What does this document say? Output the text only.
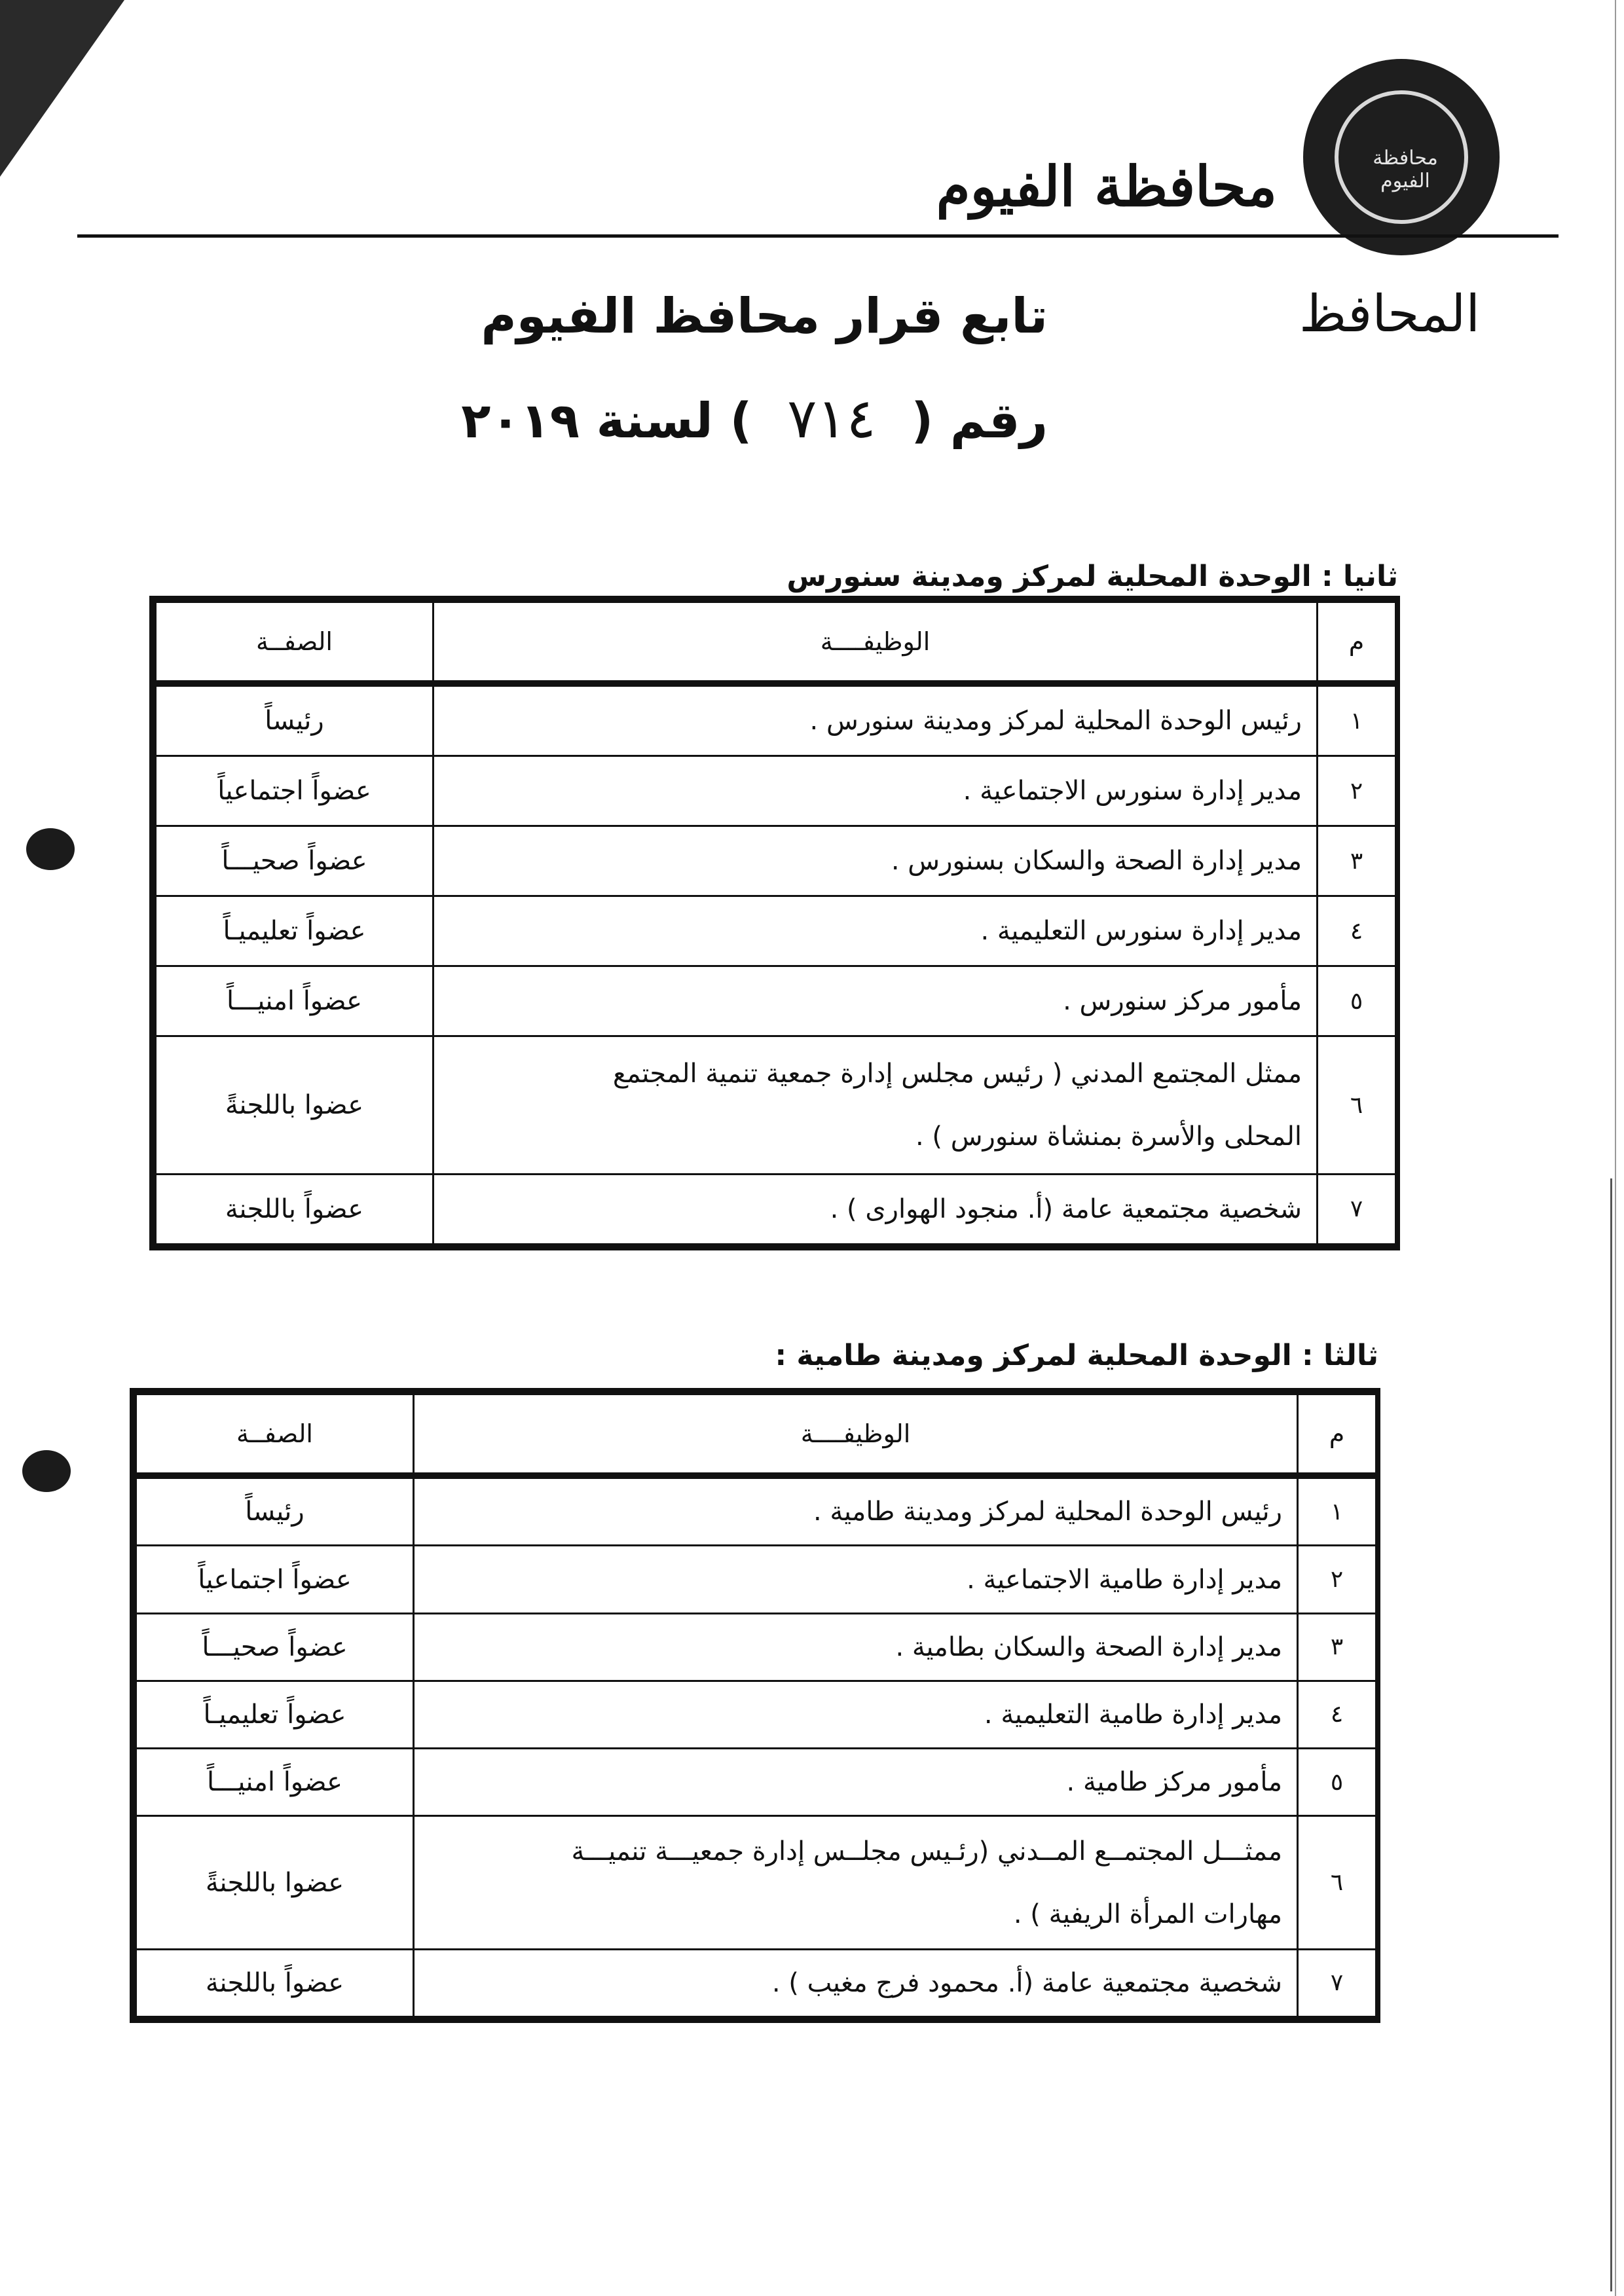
محافظة الفيوم
محافظة الفيوم
المحافظ
تابع قرار محافظ الفيوم
رقم ( ٧١٤ ) لسنة ٢٠١٩
ثانيا : الوحدة المحلية لمركز ومدينة سنورس
م	الوظيفــــة	الصفــة
١	رئيس الوحدة المحلية لمركز ومدينة سنورس .	رئيساً
٢	مدير إدارة سنورس الاجتماعية .	عضواً اجتماعياً
٣	مدير إدارة الصحة والسكان بسنورس .	عضواً صحيـــاً
٤	مدير إدارة سنورس التعليمية .	عضواً تعليميـاً
٥	مأمور مركز سنورس .	عضواً امنيـــاً
٦	ممثل المجتمع المدني ( رئيس مجلس إدارة جمعية تنمية المجتمع
المحلى والأسرة بمنشاة سنورس ) .	عضوا باللجنةً
٧	شخصية مجتمعية عامة (أ. منجود الهوارى ) .	عضواً باللجنة
ثالثا : الوحدة المحلية لمركز ومدينة طامية :
م	الوظيفــــة	الصفــة
١	رئيس الوحدة المحلية لمركز ومدينة طامية .	رئيساً
٢	مدير إدارة طامية الاجتماعية .	عضواً اجتماعياً
٣	مدير إدارة الصحة والسكان بطامية .	عضواً صحيـــاً
٤	مدير إدارة طامية التعليمية .	عضواً تعليميـاً
٥	مأمور مركز طامية .	عضواً امنيـــاً
٦	ممثـــل المجتمــع المــدني (رئـيس مجلــس إدارة جمعيـــة تنميـــة
مهارات المرأة الريفية ) .	عضوا باللجنةً
٧	شخصية مجتمعية عامة (أ. محمود فرج مغيب ) .	عضواً باللجنة
